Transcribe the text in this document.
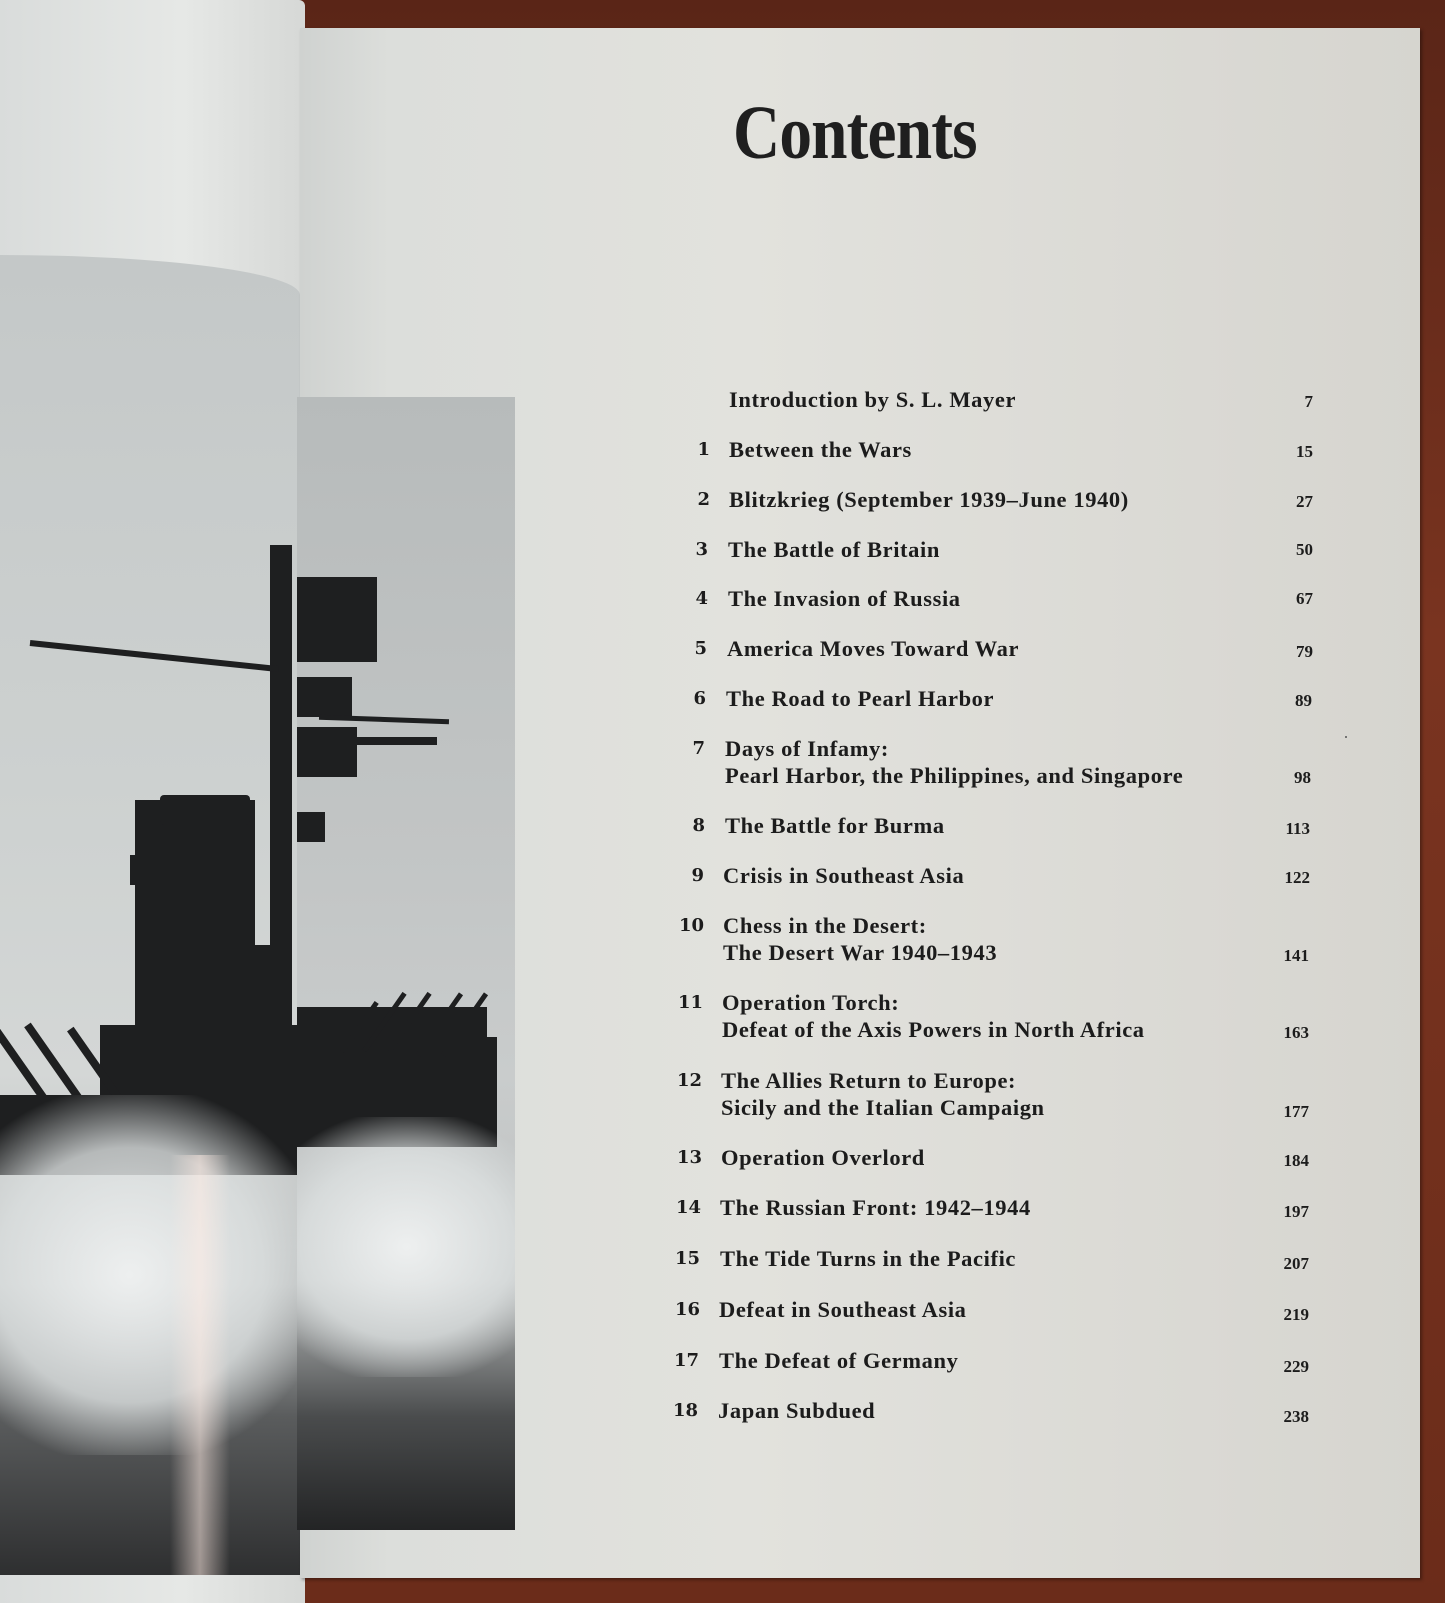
Contents
Introduction by S. L. Mayer	7
1 Between the Wars	15
2 Blitzkrieg (September 1939–June 1940)	27
3 The Battle of Britain	50
4 The Invasion of Russia	67
5 America Moves Toward War	79
6 The Road to Pearl Harbor	89
7 Days of Infamy:
Pearl Harbor, the Philippines, and Singapore	98
8 The Battle for Burma	113
9 Crisis in Southeast Asia	122
10 Chess in the Desert:
The Desert War 1940–1943	141
11 Operation Torch:
Defeat of the Axis Powers in North Africa	163
12 The Allies Return to Europe:
Sicily and the Italian Campaign	177
13 Operation Overlord	184
14 The Russian Front: 1942–1944	197
15 The Tide Turns in the Pacific	207
16 Defeat in Southeast Asia	219
17 The Defeat of Germany	229
18 Japan Subdued	238
